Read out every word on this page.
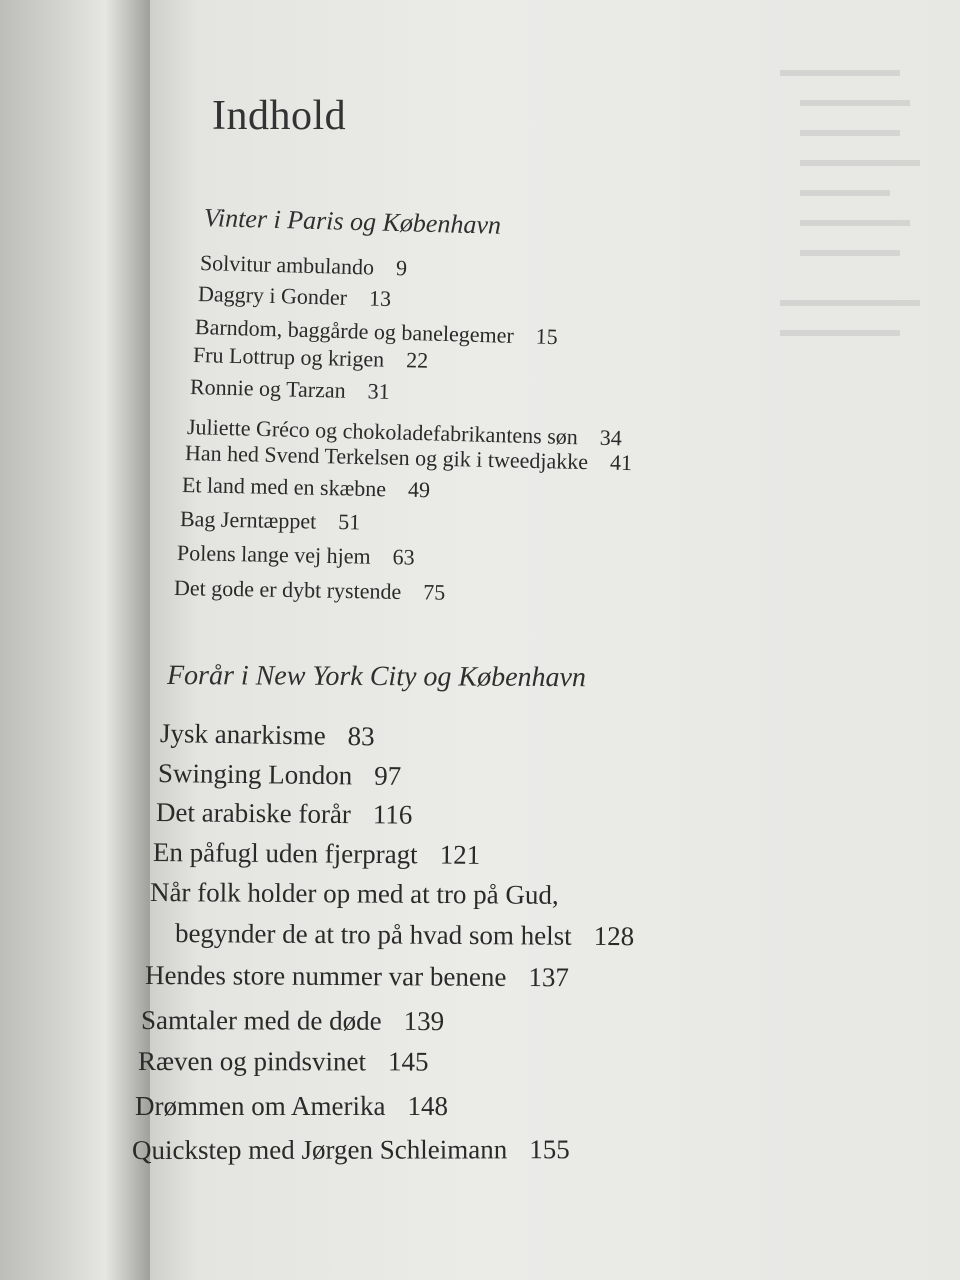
Indhold
Vinter i Paris og København
Forår i New York City og København
Solvitur ambulando 9
Daggry i Gonder 13
Barndom, baggårde og banelegemer 15
Fru Lottrup og krigen 22
Ronnie og Tarzan 31
Juliette Gréco og chokoladefabrikantens søn 34
Han hed Svend Terkelsen og gik i tweedjakke 41
Et land med en skæbne 49
Bag Jerntæppet 51
Polens lange vej hjem 63
Det gode er dybt rystende 75
Jysk anarkisme 83
Swinging London 97
Det arabiske forår 116
En påfugl uden fjerpragt 121
Når folk holder op med at tro på Gud,
begynder de at tro på hvad som helst 128
Hendes store nummer var benene 137
Samtaler med de døde 139
Ræven og pindsvinet 145
Drømmen om Amerika 148
Quickstep med Jørgen Schleimann 155
